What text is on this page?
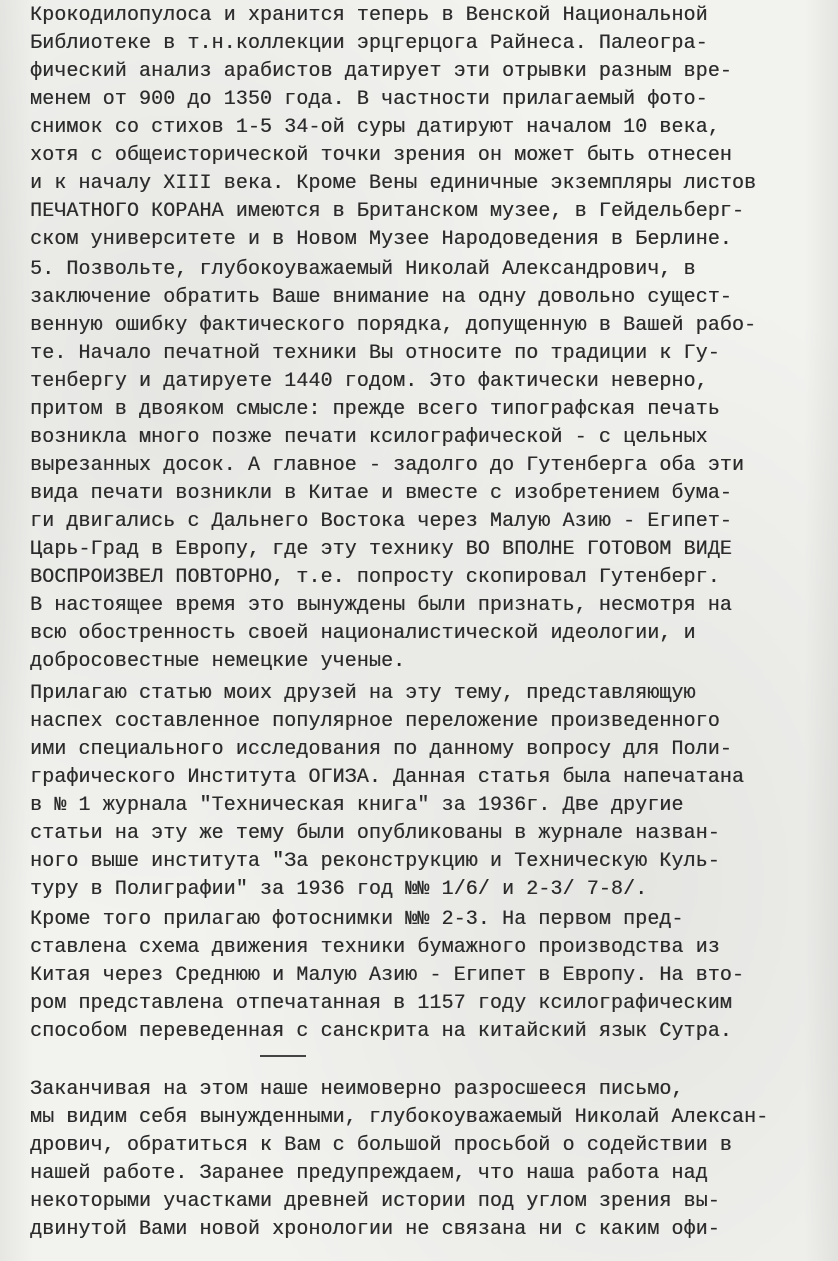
Крокодилопулоса и хранится теперь в Венской Национальной
Библиотеке в т.н.коллекции эрцгерцога Райнеса. Палеогра-
фический анализ арабистов датирует эти отрывки разным вре-
менем от 900 до 1350 года. В частности прилагаемый фото-
снимок со стихов 1-5 34-ой суры датируют началом 10 века,
хотя с общеисторической точки зрения он может быть отнесен
и к началу XIII века. Кроме Вены единичные экземпляры листов
ПЕЧАТНОГО КОРАНА имеются в Британском музее, в Гейдельберг-
ском университете и в Новом Музее Народоведения в Берлине.
5. Позвольте, глубокоуважаемый Николай Александрович, в
заключение обратить Ваше внимание на одну довольно сущест-
венную ошибку фактического порядка, допущенную в Вашей рабо-
те. Начало печатной техники Вы относите по традиции к Гу-
тенбергу и датируете 1440 годом. Это фактически неверно,
притом в двояком смысле: прежде всего типографская печать
возникла много позже печати ксилографической - с цельных
вырезанных досок. А главное - задолго до Гутенберга оба эти
вида печати возникли в Китае и вместе с изобретением бума-
ги двигались с Дальнего Востока через Малую Азию - Египет-
Царь-Град в Европу, где эту технику ВО ВПОЛНЕ ГОТОВОМ ВИДЕ
ВОСПРОИЗВЕЛ ПОВТОРНО, т.е. попросту скопировал Гутенберг.
В настоящее время это вынуждены были признать, несмотря на
всю обостренность своей националистической идеологии, и
добросовестные немецкие ученые.
Прилагаю статью моих друзей на эту тему, представляющую
наспех составленное популярное переложение произведенного
ими специального исследования по данному вопросу для Поли-
графического Института ОГИЗА. Данная статья была напечатана
в № 1 журнала "Техническая книга" за 1936г. Две другие
статьи на эту же тему были опубликованы в журнале назван-
ного выше института "За реконструкцию и Техническую Куль-
туру в Полиграфии" за 1936 год №№ 1/6/ и 2-3/ 7-8/.
Кроме того прилагаю фотоснимки №№ 2-3. На первом пред-
ставлена схема движения техники бумажного производства из
Китая через Среднюю и Малую Азию - Египет в Европу. На вто-
ром представлена отпечатанная в 1157 году ксилографическим
способом переведенная с санскрита на китайский язык Сутра.
Заканчивая на этом наше неимоверно разросшееся письмо,
мы видим себя вынужденными, глубокоуважаемый Николай Алексан-
дрович, обратиться к Вам с большой просьбой о содействии в
нашей работе. Заранее предупреждаем, что наша работа над
некоторыми участками древней истории под углом зрения вы-
двинутой Вами новой хронологии не связана ни с каким офи-
